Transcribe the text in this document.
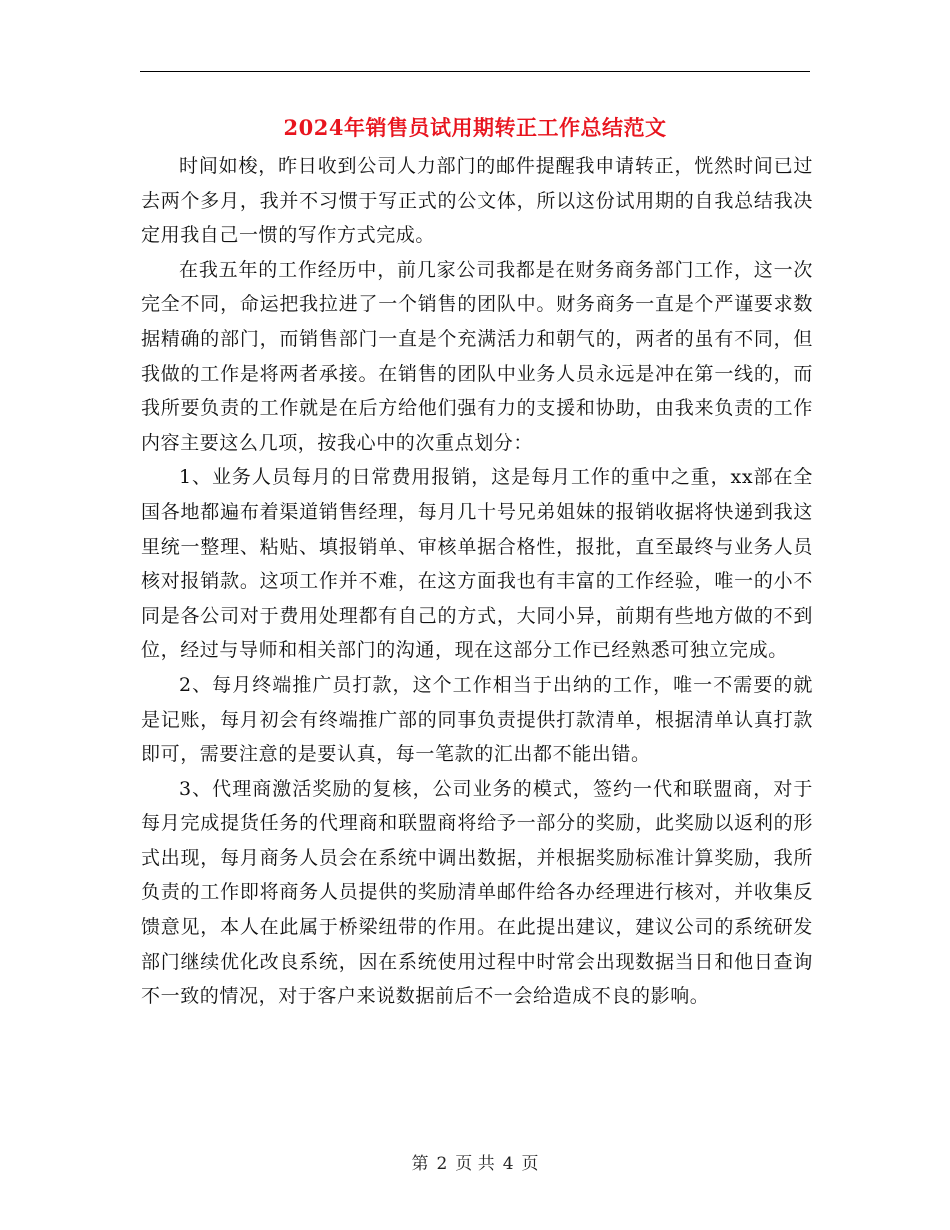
2024年销售员试用期转正工作总结范文

时间如梭，昨日收到公司人力部门的邮件提醒我申请转正，恍然时间已过去两个多月，我并不习惯于写正式的公文体，所以这份试用期的自我总结我决定用我自己一惯的写作方式完成。

在我五年的工作经历中，前几家公司我都是在财务商务部门工作，这一次完全不同，命运把我拉进了一个销售的团队中。财务商务一直是个严谨要求数据精确的部门，而销售部门一直是个充满活力和朝气的，两者的虽有不同，但我做的工作是将两者承接。在销售的团队中业务人员永远是冲在第一线的，而我所要负责的工作就是在后方给他们强有力的支援和协助，由我来负责的工作内容主要这么几项，按我心中的次重点划分：

1、业务人员每月的日常费用报销，这是每月工作的重中之重，xx部在全国各地都遍布着渠道销售经理，每月几十号兄弟姐妹的报销收据将快递到我这里统一整理、粘贴、填报销单、审核单据合格性，报批，直至最终与业务人员核对报销款。这项工作并不难，在这方面我也有丰富的工作经验，唯一的小不同是各公司对于费用处理都有自己的方式，大同小异，前期有些地方做的不到位，经过与导师和相关部门的沟通，现在这部分工作已经熟悉可独立完成。

2、每月终端推广员打款，这个工作相当于出纳的工作，唯一不需要的就是记账，每月初会有终端推广部的同事负责提供打款清单，根据清单认真打款即可，需要注意的是要认真，每一笔款的汇出都不能出错。

3、代理商激活奖励的复核，公司业务的模式，签约一代和联盟商，对于每月完成提货任务的代理商和联盟商将给予一部分的奖励，此奖励以返利的形式出现，每月商务人员会在系统中调出数据，并根据奖励标准计算奖励，我所负责的工作即将商务人员提供的奖励清单邮件给各办经理进行核对，并收集反馈意见，本人在此属于桥梁纽带的作用。在此提出建议，建议公司的系统研发部门继续优化改良系统，因在系统使用过程中时常会出现数据当日和他日查询不一致的情况，对于客户来说数据前后不一会给造成不良的影响。

第 2 页 共 4 页
